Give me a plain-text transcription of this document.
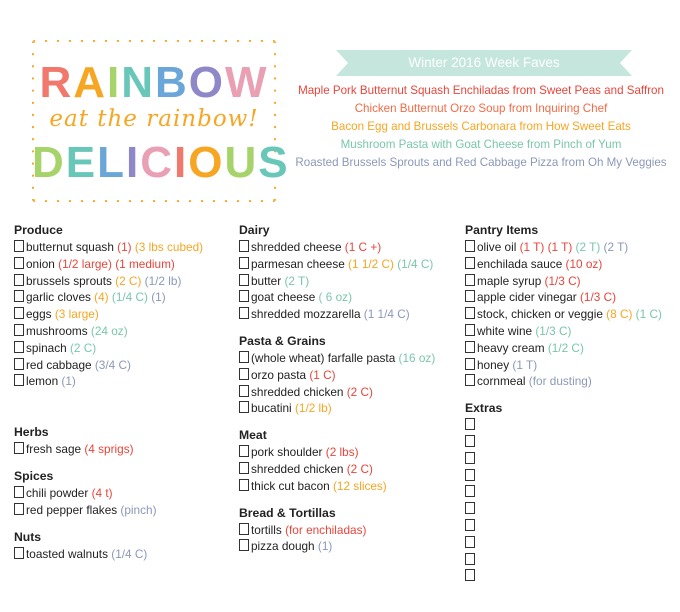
RAINBOW
eat the rainbow!
DELICIOUS
Winter 2016 Week Faves
Maple Pork Butternut Squash Enchiladas from Sweet Peas and Saffron
Chicken Butternut Orzo Soup from Inquiring Chef
Bacon Egg and Brussels Carbonara from How Sweet Eats
Mushroom Pasta with Goat Cheese from Pinch of Yum
Roasted Brussels Sprouts and Red Cabbage Pizza from Oh My Veggies
Produce
butternut squash (1) (3 lbs cubed)
onion (1/2 large) (1 medium)
brussels sprouts (2 C) (1/2 lb)
garlic cloves (4) (1/4 C) (1)
eggs (3 large)
mushrooms (24 oz)
spinach (2 C)
red cabbage (3/4 C)
lemon (1)
Herbs
fresh sage (4 sprigs)
Spices
chili powder (4 t)
red pepper flakes (pinch)
Nuts
toasted walnuts (1/4 C)
Dairy
shredded cheese (1 C +)
parmesan cheese (1 1/2 C) (1/4 C)
butter (2 T)
goat cheese ( 6 oz)
shredded mozzarella (1 1/4 C)
Pasta & Grains
(whole wheat) farfalle pasta (16 oz)
orzo pasta (1 C)
shredded chicken (2 C)
bucatini (1/2 lb)
Meat
pork shoulder (2 lbs)
shredded chicken (2 C)
thick cut bacon (12 slices)
Bread & Tortillas
tortills (for enchiladas)
pizza dough (1)
Pantry Items
olive oil (1 T) (1 T) (2 T) (2 T)
enchilada sauce (10 oz)
maple syrup (1/3 C)
apple cider vinegar (1/3 C)
stock, chicken or veggie (8 C) (1 C)
white wine (1/3 C)
heavy cream (1/2 C)
honey (1 T)
cornmeal (for dusting)
Extras
